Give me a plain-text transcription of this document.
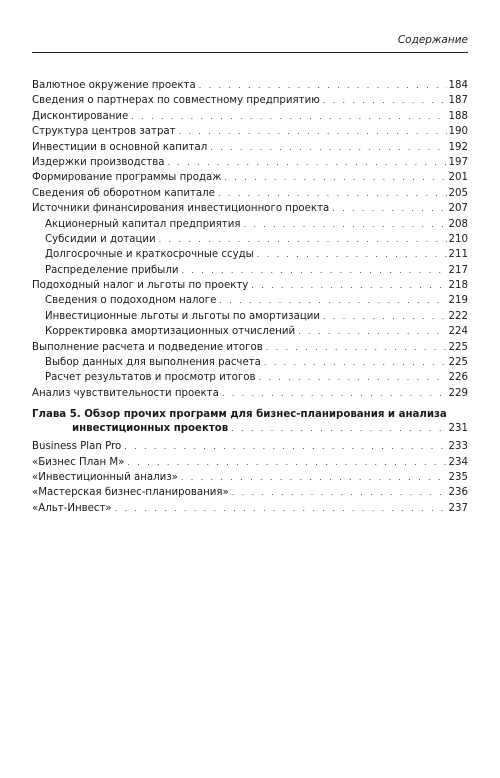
Содержание
Валютное окружение проекта . . .	184
Сведения о партнерах по совместному предприятию . . .	187
Дисконтирование . . .	188
Структура центров затрат . . .	190
Инвестиции в основной капитал . . .	192
Издержки производства . . .	197
Формирование программы продаж . . .	201
Сведения об оборотном капитале . . .	205
Источники финансирования инвестиционного проекта . . .	207
Акционерный капитал предприятия . . .	208
Субсидии и дотации . . .	210
Долгосрочные и краткосрочные ссуды . . .	211
Распределение прибыли . . .	217
Подоходный налог и льготы по проекту . . .	218
Сведения о подоходном налоге . . .	219
Инвестиционные льготы и льготы по амортизации . . .	222
Корректировка амортизационных отчислений . . .	224
Выполнение расчета и подведение итогов . . .	225
Выбор данных для выполнения расчета . . .	225
Расчет результатов и просмотр итогов . . .	226
Анализ чувствительности проекта . . .	229
Глава 5. Обзор прочих программ для бизнес-планирования и анализа
инвестиционных проектов . . .	231
Business Plan Pro . . .	233
«Бизнес План М» . . .	234
«Инвестиционный анализ» . . .	235
«Мастерская бизнес-планирования» . . .	236
«Альт-Инвест» . . .	237
